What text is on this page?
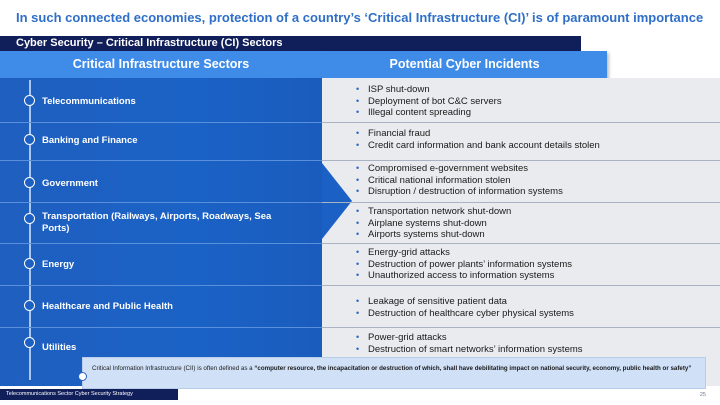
In such connected economies, protection of a country’s ‘Critical Infrastructure (CI)’ is of paramount importance
Cyber Security – Critical Infrastructure (CI) Sectors
Critical Infrastructure Sectors	Potential Cyber Incidents
Telecommunications
Banking and Finance
Government
Transportation (Railways, Airports, Roadways, Sea Ports)
Energy
Healthcare and Public Health
Utilities
• ISP shut-down
• Deployment of bot C&C servers
• Illegal content spreading
• Financial fraud
• Credit card information and bank account details stolen
• Compromised e-government websites
• Critical national information stolen
• Disruption / destruction of information systems
• Transportation network shut-down
• Airplane systems shut-down
• Airports systems shut-down
• Energy-grid attacks
• Destruction of power plants’ information systems
• Unauthorized access to information systems
• Leakage of sensitive patient data
• Destruction of healthcare cyber physical systems
• Power-grid attacks
• Destruction of smart networks’ information systems
Critical Information Infrastructure (CII) is often defined as a “computer resource, the incapacitation or destruction of which, shall have debilitating impact on national security, economy, public health or safety”
Telecommunications Sector Cyber Security Strategy	25
